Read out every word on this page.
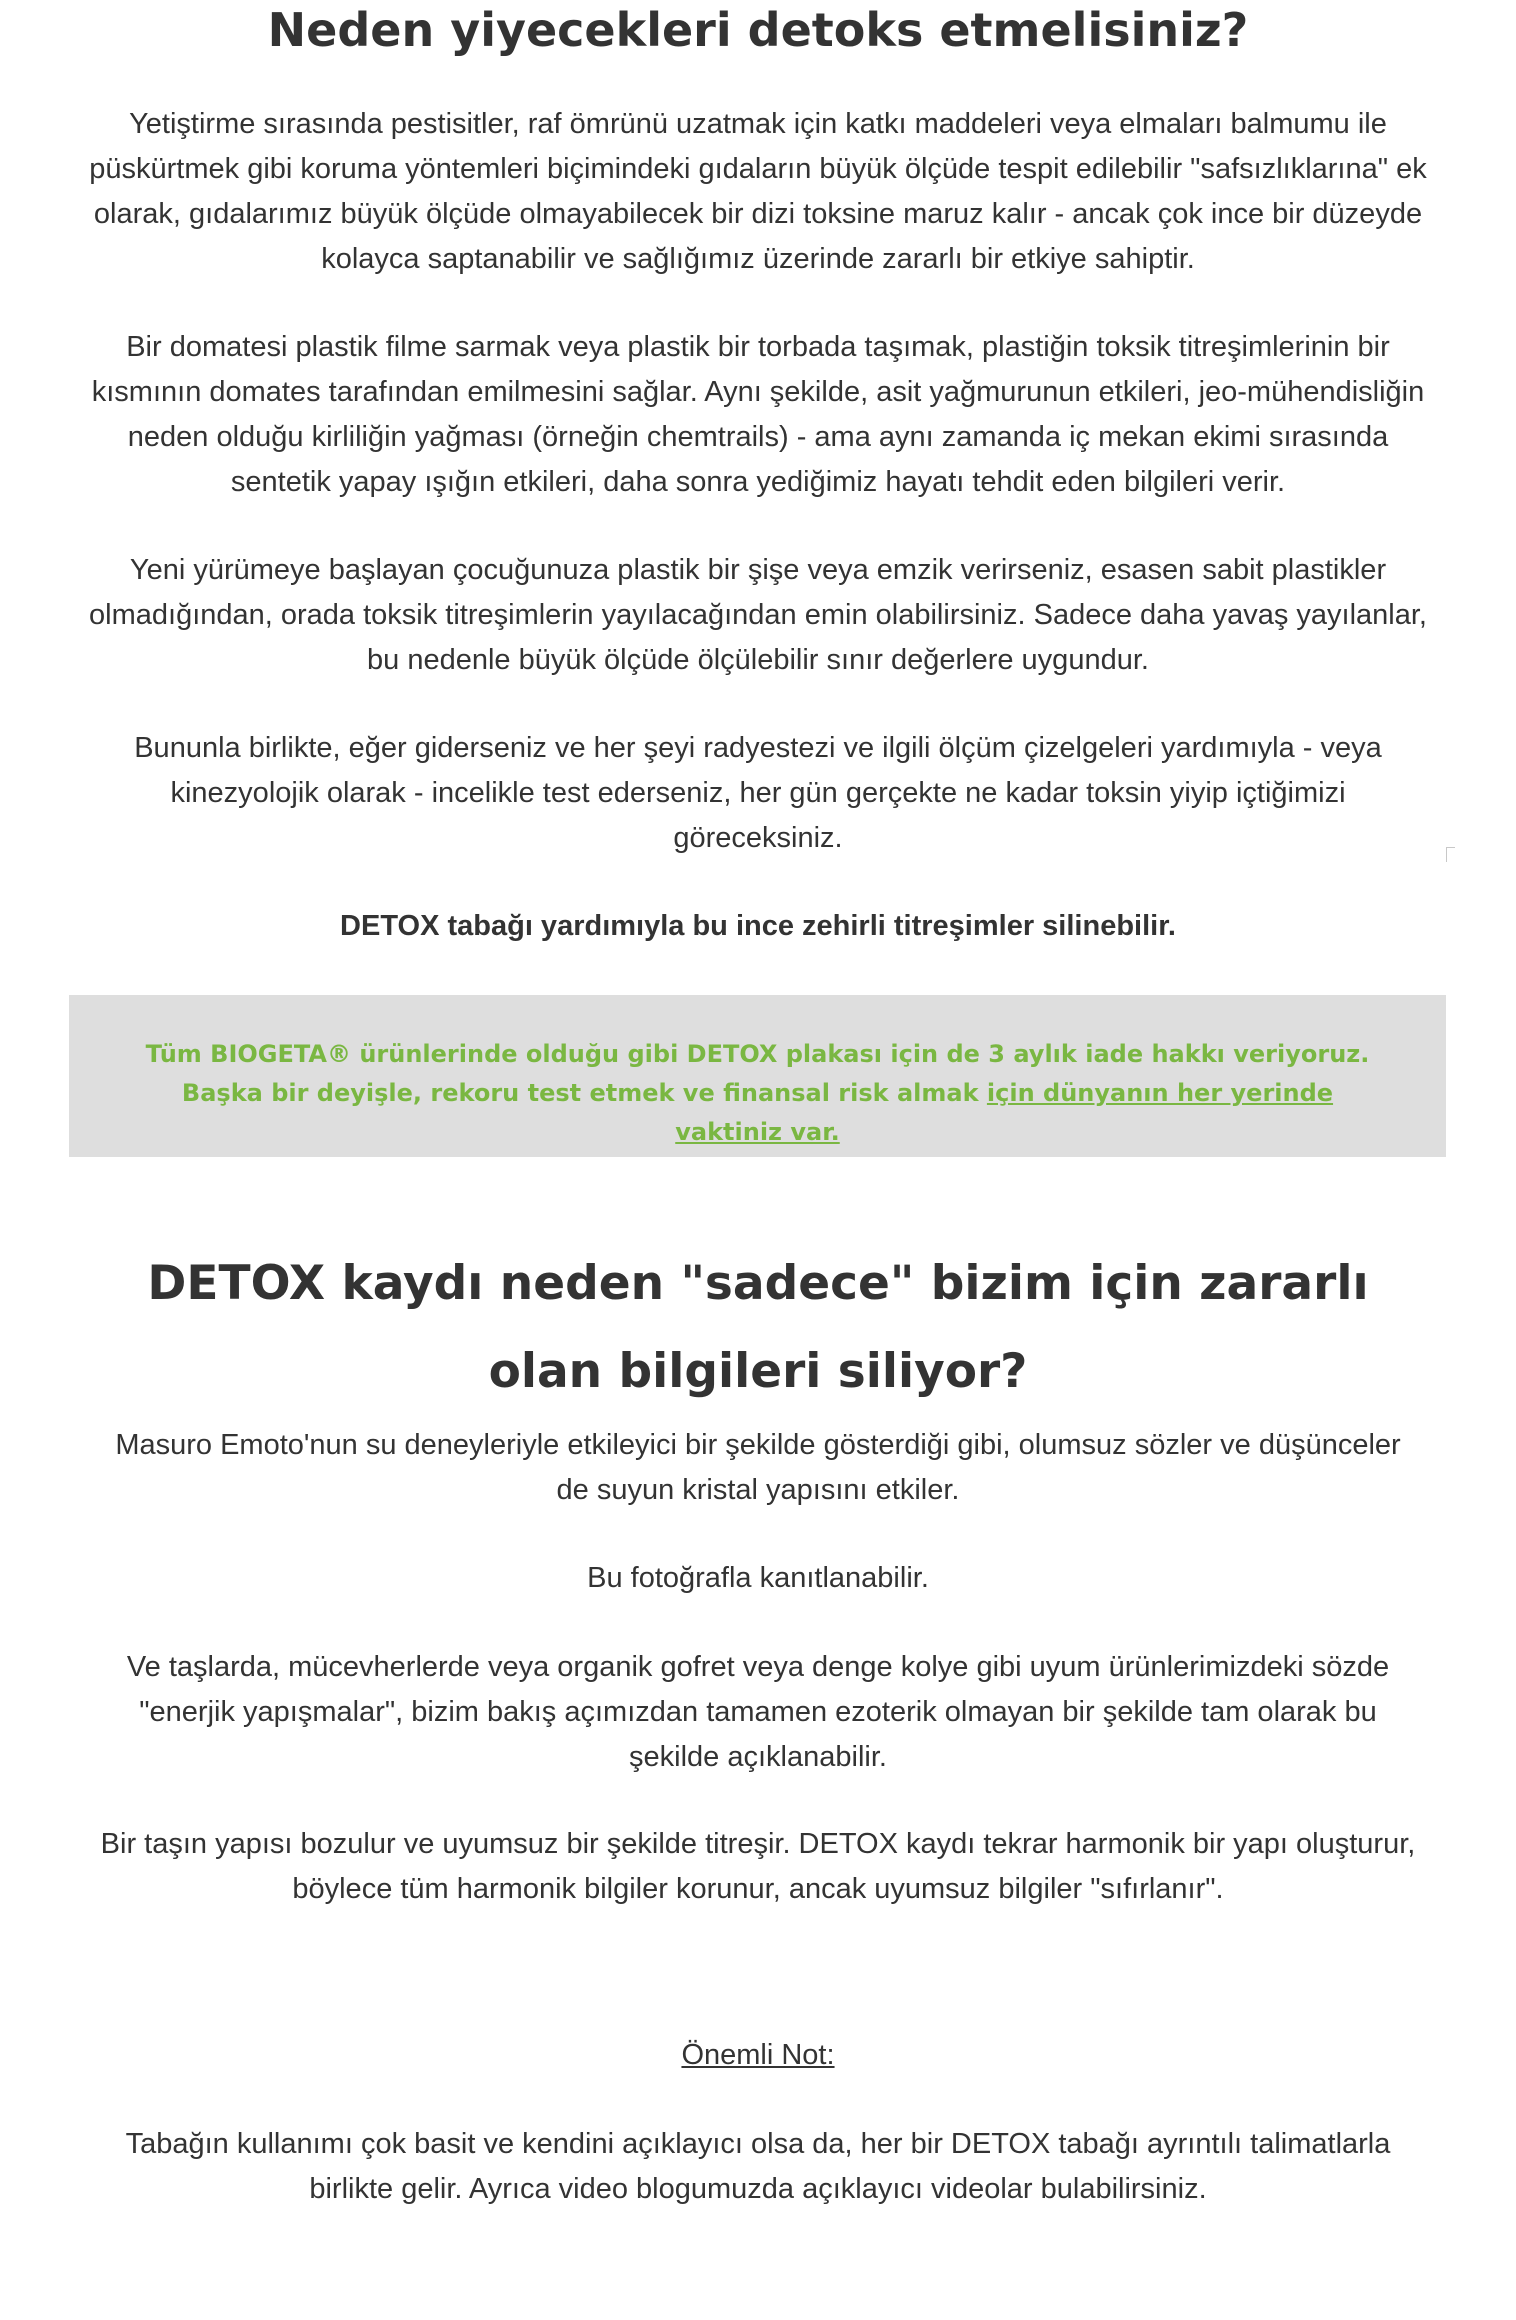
Neden yiyecekleri detoks etmelisiniz?

Yetiştirme sırasında pestisitler, raf ömrünü uzatmak için katkı maddeleri veya elmaları balmumu ile püskürtmek gibi koruma yöntemleri biçimindeki gıdaların büyük ölçüde tespit edilebilir "safsızlıklarına" ek olarak, gıdalarımız büyük ölçüde olmayabilecek bir dizi toksine maruz kalır - ancak çok ince bir düzeyde kolayca saptanabilir ve sağlığımız üzerinde zararlı bir etkiye sahiptir.

Bir domatesi plastik filme sarmak veya plastik bir torbada taşımak, plastiğin toksik titreşimlerinin bir kısmının domates tarafından emilmesini sağlar. Aynı şekilde, asit yağmurunun etkileri, jeo-mühendisliğin neden olduğu kirliliğin yağması (örneğin chemtrails) - ama aynı zamanda iç mekan ekimi sırasında sentetik yapay ışığın etkileri, daha sonra yediğimiz hayatı tehdit eden bilgileri verir.

Yeni yürümeye başlayan çocuğunuza plastik bir şişe veya emzik verirseniz, esasen sabit plastikler olmadığından, orada toksik titreşimlerin yayılacağından emin olabilirsiniz. Sadece daha yavaş yayılanlar, bu nedenle büyük ölçüde ölçülebilir sınır değerlere uygundur.

Bununla birlikte, eğer giderseniz ve her şeyi radyestezi ve ilgili ölçüm çizelgeleri yardımıyla - veya kinezyolojik olarak - incelikle test ederseniz, her gün gerçekte ne kadar toksin yiyip içtiğimizi göreceksiniz.

DETOX tabağı yardımıyla bu ince zehirli titreşimler silinebilir.

Tüm BIOGETA® ürünlerinde olduğu gibi DETOX plakası için de 3 aylık iade hakkı veriyoruz. Başka bir deyişle, rekoru test etmek ve finansal risk almak için dünyanın her yerinde vaktiniz var.

DETOX kaydı neden "sadece" bizim için zararlı olan bilgileri siliyor?

Masuro Emoto'nun su deneyleriyle etkileyici bir şekilde gösterdiği gibi, olumsuz sözler ve düşünceler de suyun kristal yapısını etkiler.

Bu fotoğrafla kanıtlanabilir.

Ve taşlarda, mücevherlerde veya organik gofret veya denge kolye gibi uyum ürünlerimizdeki sözde "enerjik yapışmalar", bizim bakış açımızdan tamamen ezoterik olmayan bir şekilde tam olarak bu şekilde açıklanabilir.

Bir taşın yapısı bozulur ve uyumsuz bir şekilde titreşir. DETOX kaydı tekrar harmonik bir yapı oluşturur, böylece tüm harmonik bilgiler korunur, ancak uyumsuz bilgiler "sıfırlanır".

Önemli Not:

Tabağın kullanımı çok basit ve kendini açıklayıcı olsa da, her bir DETOX tabağı ayrıntılı talimatlarla birlikte gelir. Ayrıca video blogumuzda açıklayıcı videolar bulabilirsiniz.
